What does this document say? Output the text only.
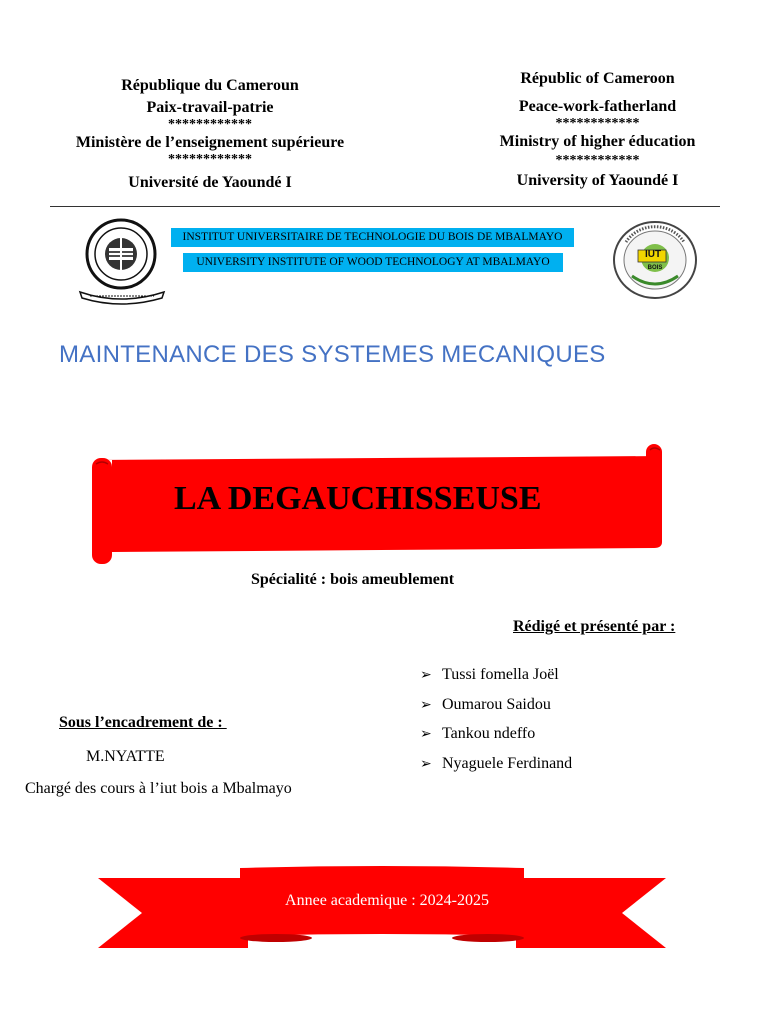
République du Cameroun
Paix-travail-patrie
************
Ministère de l’enseignement supérieure
************
Université de Yaoundé I
Républic of Cameroon
Peace-work-fatherland
************
Ministry of higher éducation
************
University of Yaoundé I
INSTITUT UNIVERSITAIRE DE TECHNOLOGIE DU BOIS DE MBALMAYO
UNIVERSITY INSTITUTE OF WOOD TECHNOLOGY AT MBALMAYO
IUT
BOIS
MAINTENANCE DES SYSTEMES MECANIQUES
LA DEGAUCHISSEUSE
Spécialité : bois ameublement
Rédigé et présenté par :
➢ Tussi fomella Joël
➢ Oumarou Saidou
➢ Tankou ndeffo
➢ Nyaguele Ferdinand
Sous l’encadrement de :
M.NYATTE
Chargé des cours à l’iut bois a Mbalmayo
Annee academique : 2024-2025
